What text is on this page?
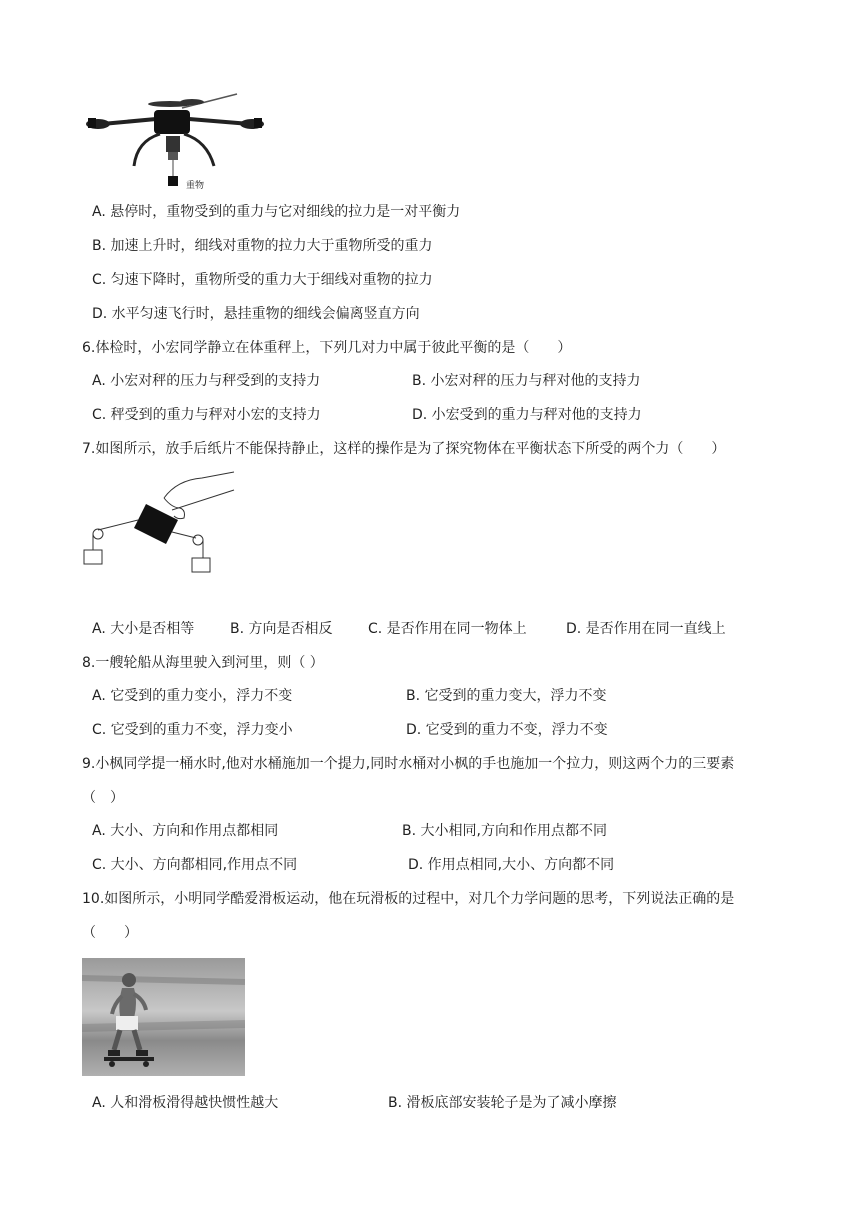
重物
A. 悬停时，重物受到的重力与它对细线的拉力是一对平衡力
B. 加速上升时，细线对重物的拉力大于重物所受的重力
C. 匀速下降时，重物所受的重力大于细线对重物的拉力
D. 水平匀速飞行时，悬挂重物的细线会偏离竖直方向
6.体检时，小宏同学静立在体重秤上，下列几对力中属于彼此平衡的是（　　）
A. 小宏对秤的压力与秤受到的支持力	B. 小宏对秤的压力与秤对他的支持力
C. 秤受到的重力与秤对小宏的支持力	D. 小宏受到的重力与秤对他的支持力
7.如图所示，放手后纸片不能保持静止，这样的操作是为了探究物体在平衡状态下所受的两个力（　　）
A. 大小是否相等	B. 方向是否相反	C. 是否作用在同一物体上	D. 是否作用在同一直线上
8.一艘轮船从海里驶入到河里，则（ ）
A. 它受到的重力变小，浮力不变	B. 它受到的重力变大，浮力不变
C. 它受到的重力不变，浮力变小	D. 它受到的重力不变，浮力不变
9.小枫同学提一桶水时,他对水桶施加一个提力,同时水桶对小枫的手也施加一个拉力，则这两个力的三要素
（　）
A. 大小、方向和作用点都相同	B. 大小相同,方向和作用点都不同
C. 大小、方向都相同,作用点不同	D. 作用点相同,大小、方向都不同
10.如图所示，小明同学酷爱滑板运动，他在玩滑板的过程中，对几个力学问题的思考，下列说法正确的是
（　　）
A. 人和滑板滑得越快惯性越大	B. 滑板底部安装轮子是为了减小摩擦
